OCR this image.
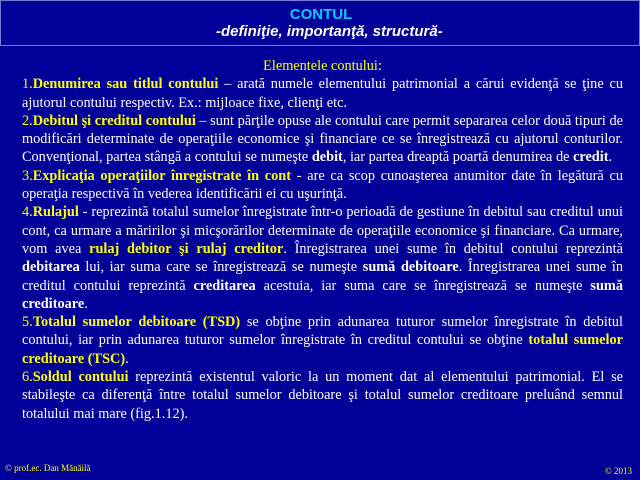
CONTUL
-definiţie, importanţă, structură-

Elementele contului:

1.Denumirea sau titlul contului – arată numele elementului patrimonial a cărui evidenţă se ţine cu ajutorul contului respectiv. Ex.: mijloace fixe, clienţi etc.

2.Debitul şi creditul contului – sunt părţile opuse ale contului care permit separarea celor două tipuri de modificări determinate de operaţiile economice şi financiare ce se înregistrează cu ajutorul conturilor. Convenţional, partea stângă a contului se numeşte debit, iar partea dreaptă poartă denumirea de credit.

3.Explicaţia operaţiilor înregistrate în cont - are ca scop cunoaşterea anumitor date în legătură cu operaţia respectivă în vederea identificării ei cu uşurinţă.

4.Rulajul - reprezintă totalul sumelor înregistrate într-o perioadă de gestiune în debitul sau creditul unui cont, ca urmare a măririlor şi micşorărilor determinate de operaţiile economice şi financiare. Ca urmare, vom avea rulaj debitor şi rulaj creditor. Înregistrarea unei sume în debitul contului reprezintă debitarea lui, iar suma care se înregistrează se numeşte sumă debitoare. Înregistrarea unei sume în creditul contului reprezintă creditarea acestuia, iar suma care se înregistrează se numeşte sumă creditoare.

5.Totalul sumelor debitoare (TSD) se obţine prin adunarea tuturor sumelor înregistrate în debitul contului, iar prin adunarea tuturor sumelor înregistrate în creditul contului se obţine totalul sumelor creditoare (TSC).

6.Soldul contului reprezintă existentul valoric la un moment dat al elementului patrimonial. El se stabileşte ca diferenţă între totalul sumelor debitoare şi totalul sumelor creditoare preluând semnul totalului mai mare (fig.1.12).

© prof.ec. Dan Mănăilă	© 2013
